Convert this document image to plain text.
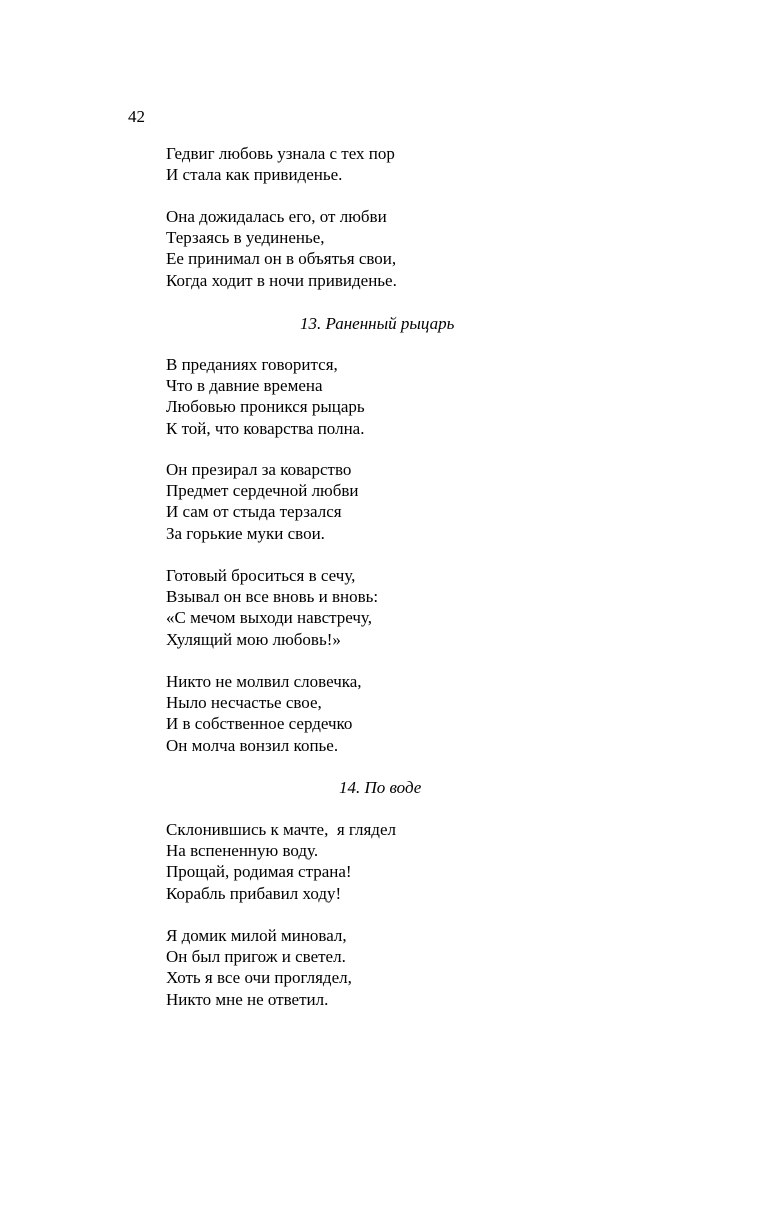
42
Гедвиг любовь узнала с тех пор
И стала как привиденье.
Она дожидалась его, от любви
Терзаясь в уединенье,
Ее принимал он в объятья свои,
Когда ходит в ночи привиденье.
13. Раненный рыцарь
В преданиях говорится,
Что в давние времена
Любовью проникся рыцарь
К той, что коварства полна.
Он презирал за коварство
Предмет сердечной любви
И сам от стыда терзался
За горькие муки свои.
Готовый броситься в сечу,
Взывал он все вновь и вновь:
«С мечом выходи навстречу,
Хулящий мою любовь!»
Никто не молвил словечка,
Ныло несчастье свое,
И в собственное сердечко
Он молча вонзил копье.
14. По воде
Склонившись к мачте,  я глядел
На вспененную воду.
Прощай, родимая страна!
Корабль прибавил ходу!
Я домик милой миновал,
Он был пригож и светел.
Хоть я все очи проглядел,
Никто мне не ответил.
